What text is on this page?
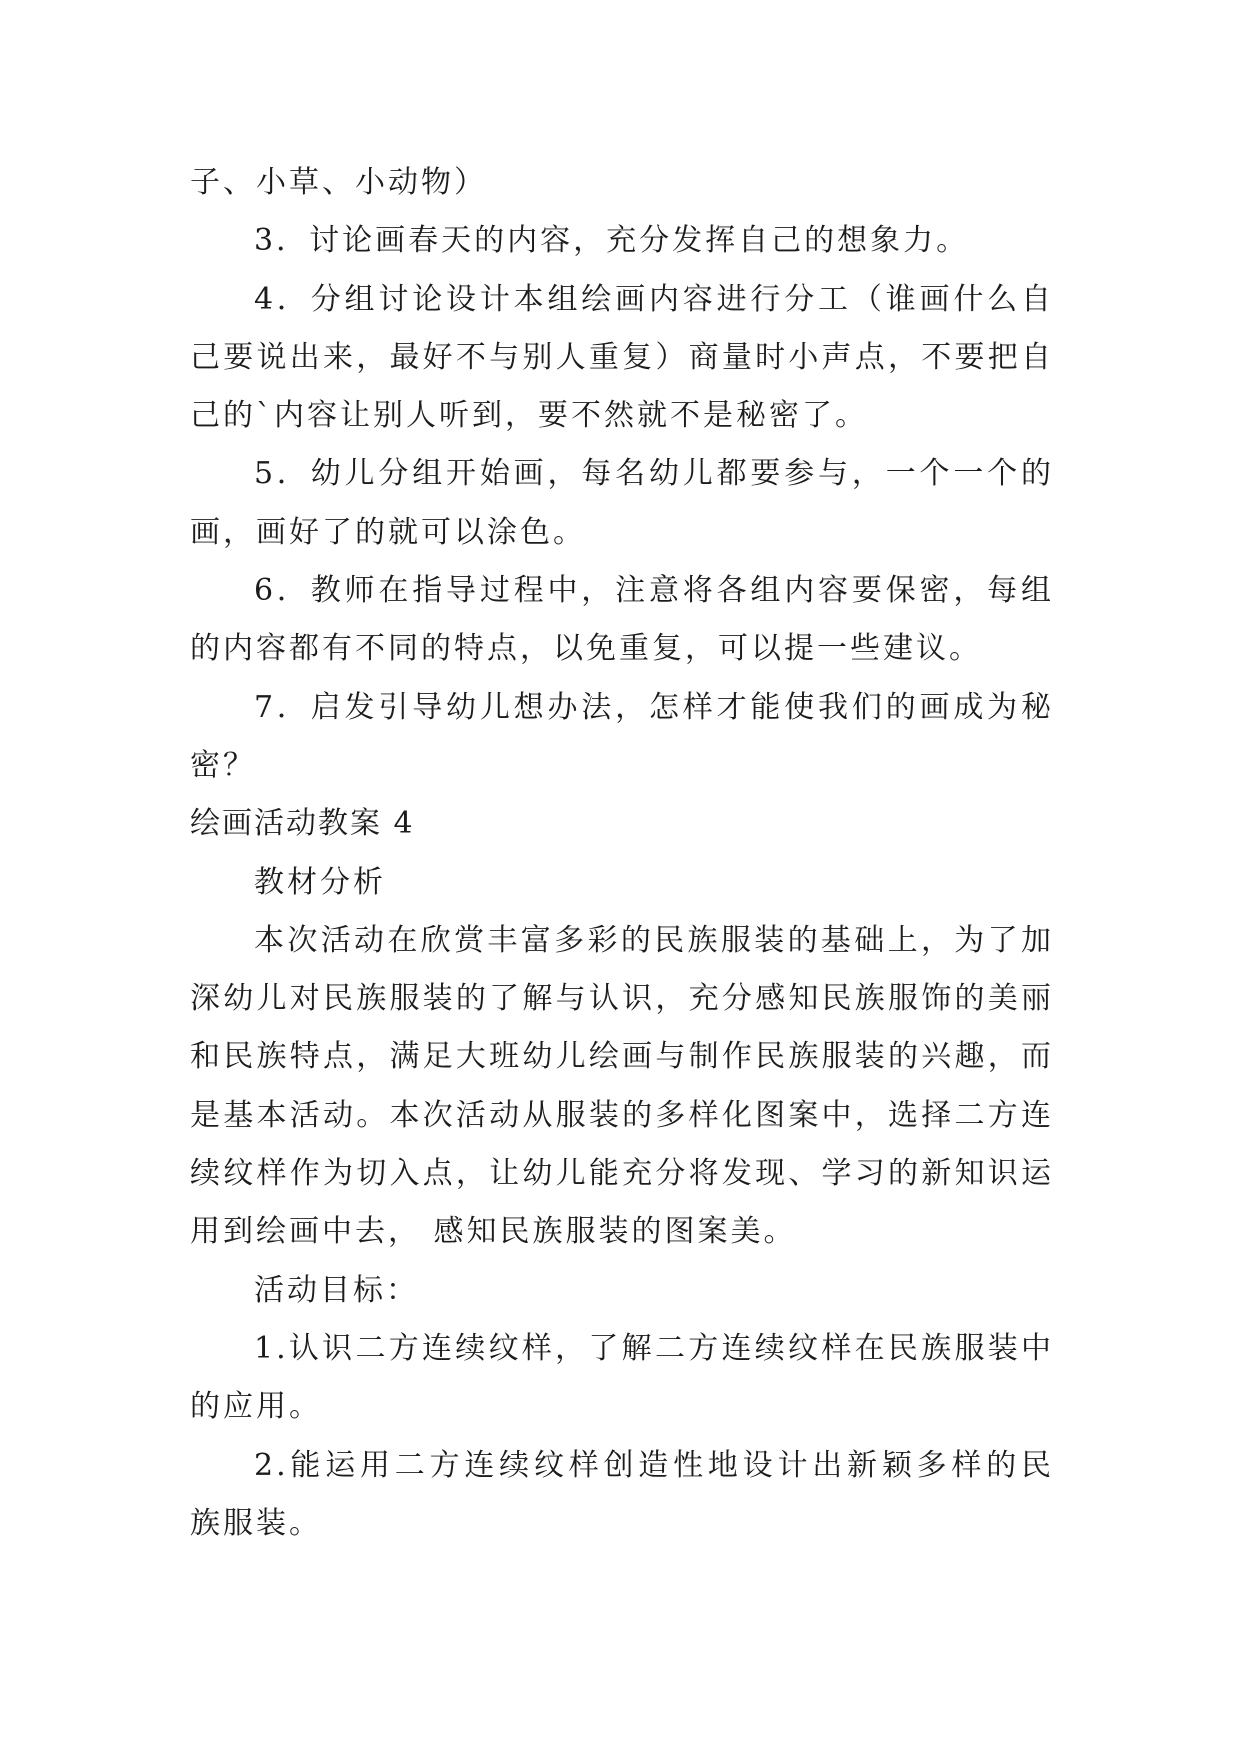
子、小草、小动物）
3．讨论画春天的内容，充分发挥自己的想象力。
4．分组讨论设计本组绘画内容进行分工（谁画什么自
己要说出来，最好不与别人重复）商量时小声点，不要把自
己的`内容让别人听到，要不然就不是秘密了。
5．幼儿分组开始画，每名幼儿都要参与，一个一个的
画，画好了的就可以涂色。
6．教师在指导过程中，注意将各组内容要保密，每组
的内容都有不同的特点，以免重复，可以提一些建议。
7．启发引导幼儿想办法，怎样才能使我们的画成为秘
密？
绘画活动教案 4
教材分析
本次活动在欣赏丰富多彩的民族服装的基础上，为了加
深幼儿对民族服装的了解与认识，充分感知民族服饰的美丽
和民族特点，满足大班幼儿绘画与制作民族服装的兴趣，而
是基本活动。本次活动从服装的多样化图案中，选择二方连
续纹样作为切入点，让幼儿能充分将发现、学习的新知识运
用到绘画中去， 感知民族服装的图案美。
活动目标：
1.认识二方连续纹样，了解二方连续纹样在民族服装中
的应用。
2.能运用二方连续纹样创造性地设计出新颖多样的民
族服装。
